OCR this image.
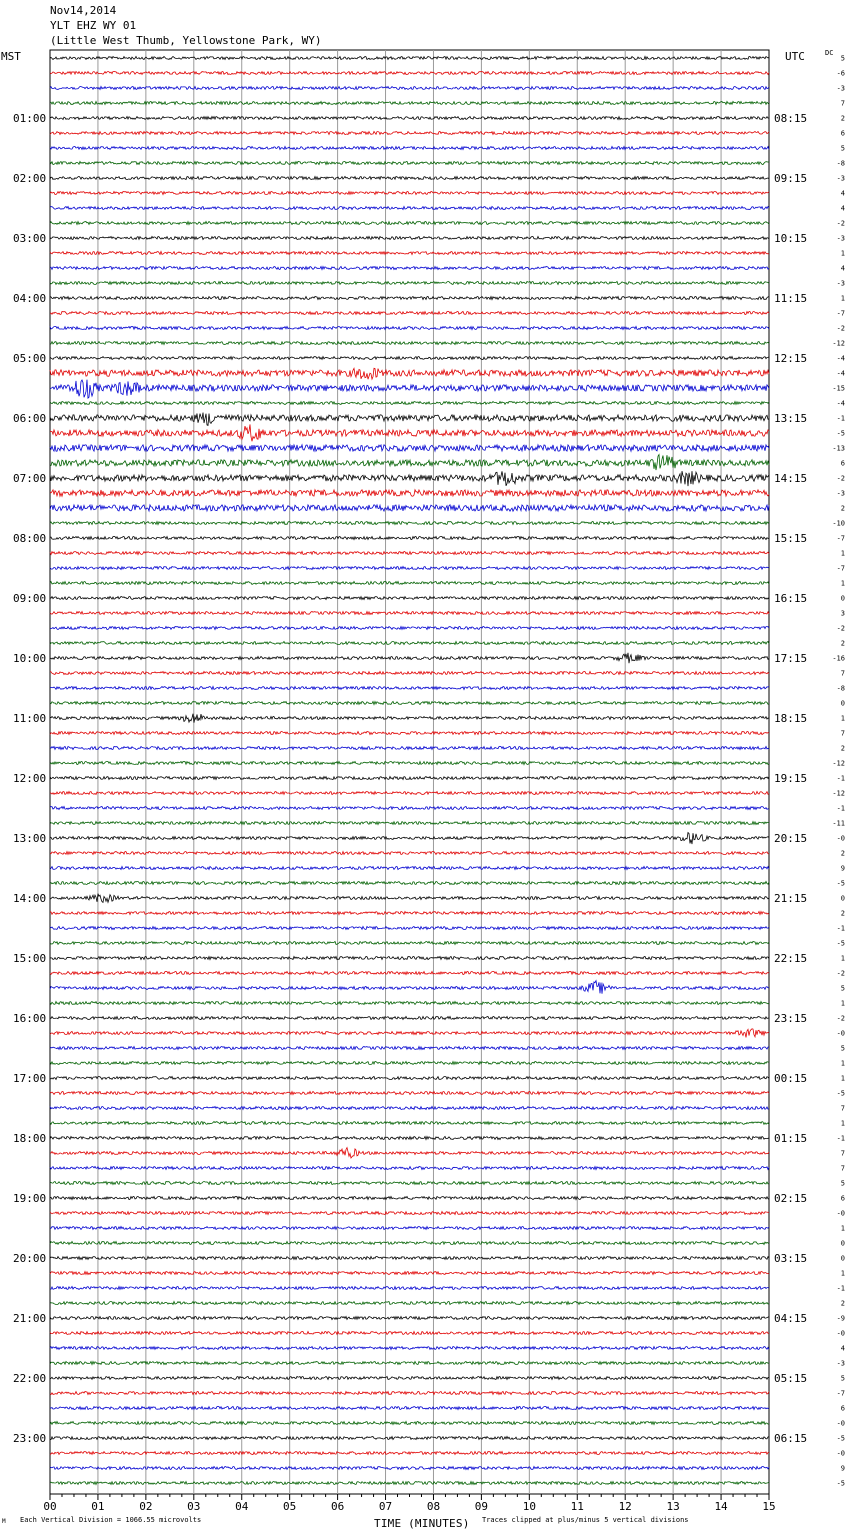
Nov14,2014
YLT EHZ WY 01
(Little West Thumb, Yellowstone Park, WY)
MST	UTC	DC
00	01	02	03	04	05	06	07	08	09	10	11	12	13	14	15
5
-6
-3
7
2
6
5
-8
-3
4
4
-2
-3
1
4
-3
1
-7
-2
-12
-4
-4
-15
-4
-1
-5
-13
6
-2
-3
2
-10
-7
1
-7
1
0
3
-2
2
-16
7
-8
0
1
7
2
-12
-1
-12
-1
-11
-0
2
9
-5
0
2
-1
-5
1
-2
5
1
-2
-0
5
1
1
-5
7
1
-1
7
7
5
6
-0
1
0
0
1
-1
2
-9
-0
4
-3
5
-7
6
-0
-5
-0
9
-5
01:00
02:00
03:00
04:00
05:00
06:00
07:00
08:00
09:00
10:00
11:00
12:00
13:00
14:00
15:00
16:00
17:00
18:00
19:00
20:00
21:00
22:00
23:00
08:15
09:15
10:15
11:15
12:15
13:15
14:15
15:15
16:15
17:15
18:15
19:15
20:15
21:15
22:15
23:15
00:15
01:15
02:15
03:15
04:15
05:15
06:15
M Each Vertical Division = 1066.55 microvolts	TIME (MINUTES) Traces clipped at plus/minus 5 vertical divisions
